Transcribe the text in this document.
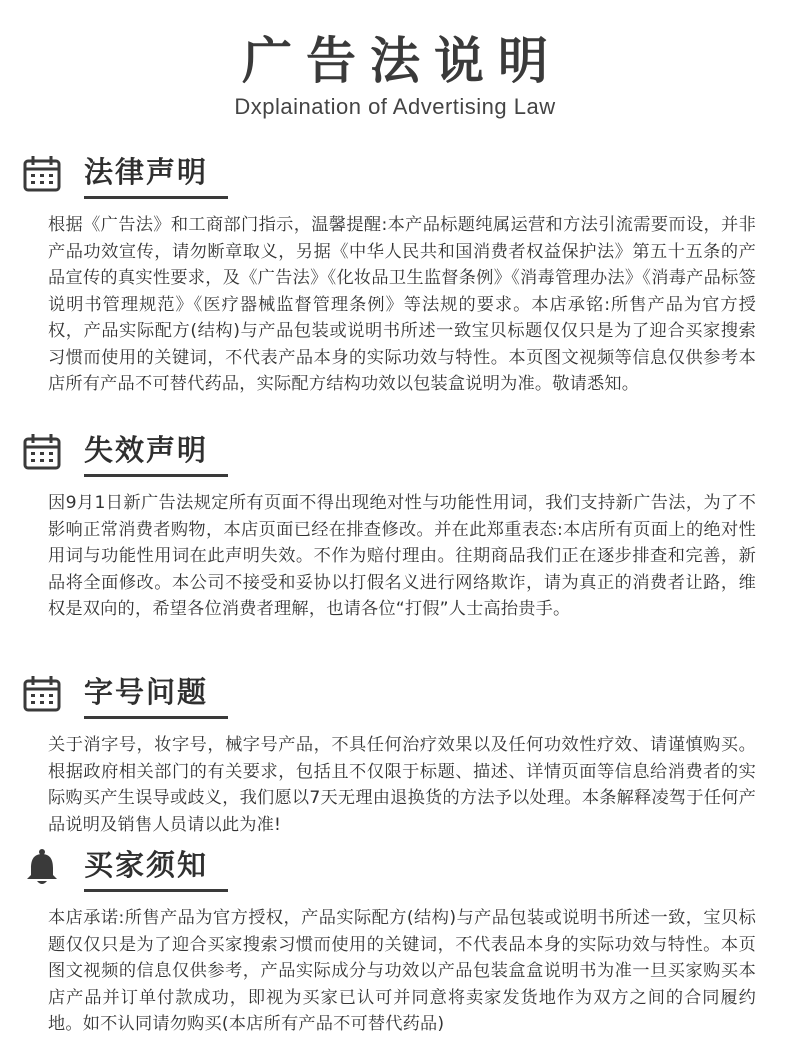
广告法说明
Dxplaination of Advertising Law
法律声明

根据《广告法》和工商部门指示，温馨提醒:本产品标题纯属运营和方法引流需要而设，并非产品功效宣传，请勿断章取义，另据《中华人民共和国消费者权益保护法》第五十五条的产品宣传的真实性要求，及《广告法》《化妆品卫生监督条例》《消毒管理办法》《消毒产品标签说明书管理规范》《医疗器械监督管理条例》等法规的要求。本店承铭:所售产品为官方授权，产品实际配方(结构)与产品包装或说明书所述一致宝贝标题仅仅只是为了迎合买家搜索习惯而使用的关键词，不代表产品本身的实际功效与特性。本页图文视频等信息仅供参考本店所有产品不可替代药品，实际配方结构功效以包装盒说明为准。敬请悉知。

失效声明

因9月1日新广告法规定所有页面不得出现绝对性与功能性用词，我们支持新广告法，为了不影响正常消费者购物，本店页面已经在排查修改。并在此郑重表态:本店所有页面上的绝对性用词与功能性用词在此声明失效。不作为赔付理由。往期商品我们正在逐步排查和完善，新品将全面修改。本公司不接受和妥协以打假名义进行网络欺诈，请为真正的消费者让路，维权是双向的，希望各位消费者理解，也请各位“打假”人士高抬贵手。

字号问题

关于消字号，妆字号，械字号产品，不具任何治疗效果以及任何功效性疗效、请谨慎购买。根据政府相关部门的有关要求，包括且不仅限于标题、描述、详情页面等信息给消费者的实际购买产生误导或歧义，我们愿以7天无理由退换货的方法予以处理。本条解释凌驾于任何产品说明及销售人员请以此为准!

买家须知

本店承诺:所售产品为官方授权，产品实际配方(结构)与产品包装或说明书所述一致，宝贝标题仅仅只是为了迎合买家搜索习惯而使用的关键词，不代表品本身的实际功效与特性。本页图文视频的信息仅供参考，产品实际成分与功效以产品包装盒盒说明书为准一旦买家购买本店产品并订单付款成功，即视为买家已认可并同意将卖家发货地作为双方之间的合同履约地。如不认同请勿购买(本店所有产品不可替代药品)
